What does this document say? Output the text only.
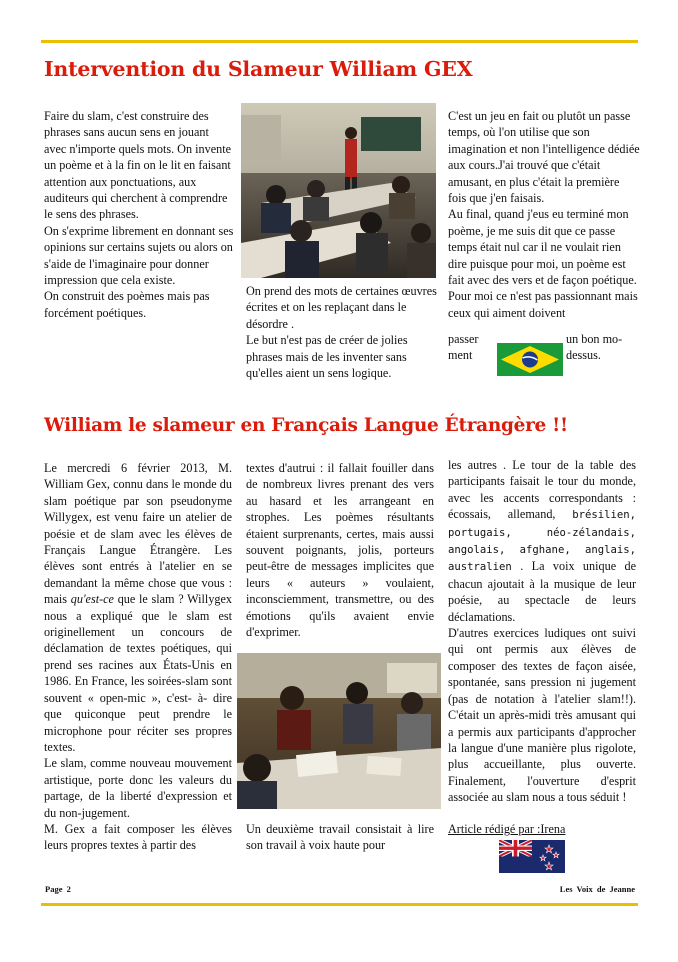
Intervention du Slameur William GEX

Faire du slam, c'est construire des phrases sans aucun sens en jouant avec n'importe quels mots. On invente un poème et à la fin on le lit en faisant attention aux ponctuations, aux auditeurs qui cherchent à comprendre le sens des phrases.

On s'exprime librement en donnant ses opinions sur certains sujets ou alors on s'aide de l'imaginaire pour donner impression que cela existe.

On construit des poèmes mais pas forcément poétiques.

On prend des mots de certaines œuvres écrites et on les replaçant dans le désordre .

Le but n'est pas de créer de jolies phrases mais de les inventer sans qu'elles aient un sens logique.

C'est un jeu en fait ou plutôt un passe temps, où l'on utilise que son imagination et non l'intelligence dédiée aux cours.J'ai trouvé que c'était amusant, en plus c'était la première fois que j'en faisais.

Au final, quand j'eus eu terminé mon poème, je me suis dit que ce passe temps était nul car il ne voulait rien dire puisque pour moi, un poème est fait avec des vers et de façon poétique.

Pour moi ce n'est pas passionnant mais ceux qui aiment doivent

passer	un bon mo-
ment	dessus.
William le slameur en Français Langue Étrangère !!

Le mercredi 6 février 2013, M. William Gex, connu dans le monde du slam poétique par son pseudonyme Willygex, est venu faire un atelier de poésie et de slam avec les élèves de Français Langue Étrangère. Les élèves sont entrés à l'atelier en se demandant la même chose que vous : mais qu'est-ce que le slam ? Willygex nous a expliqué que le slam est originellement un concours de déclamation de textes poétiques, qui prend ses racines aux États-Unis en 1986. En France, les soirées-slam sont souvent « open-mic », c'est- à- dire que quiconque peut prendre le microphone pour réciter ses propres textes.

Le slam, comme nouveau mouvement artistique, porte donc les valeurs du partage, de la liberté d'expression et du non-jugement.

M. Gex a fait composer les élèves leurs propres textes à partir des

textes d'autrui : il fallait fouiller dans de nombreux livres prenant des vers au hasard et les arrangeant en strophes. Les poèmes résultants étaient surprenants, certes, mais aussi souvent poignants, jolis, porteurs peut-être de messages implicites que leurs « auteurs » voulaient, inconsciemment, transmettre, ou des émotions qu'ils avaient envie d'exprimer.

Un deuxième travail consistait à lire son travail à voix haute pour

les autres . Le tour de la table des participants faisait le tour du monde, avec les accents correspondants : écossais, allemand, brésilien, portugais, néo-zélandais, angolais, afghane, anglais, australien . La voix unique de chacun ajoutait à la musique de leur poésie, au spectacle de leurs déclamations.

D'autres exercices ludiques ont suivi qui ont permis aux élèves de composer des textes de façon aisée, spontanée, sans pression ni jugement (pas de notation à l'atelier slam!!). C'était un après-midi très amusant qui a permis aux participants d'approcher la langue d'une manière plus rigolote, plus accueillante, plus ouverte. Finalement, l'ouverture d'esprit associée au slam nous a tous séduit !

Article rédigé par :Irena
Page 2	Les Voix de Jeanne
